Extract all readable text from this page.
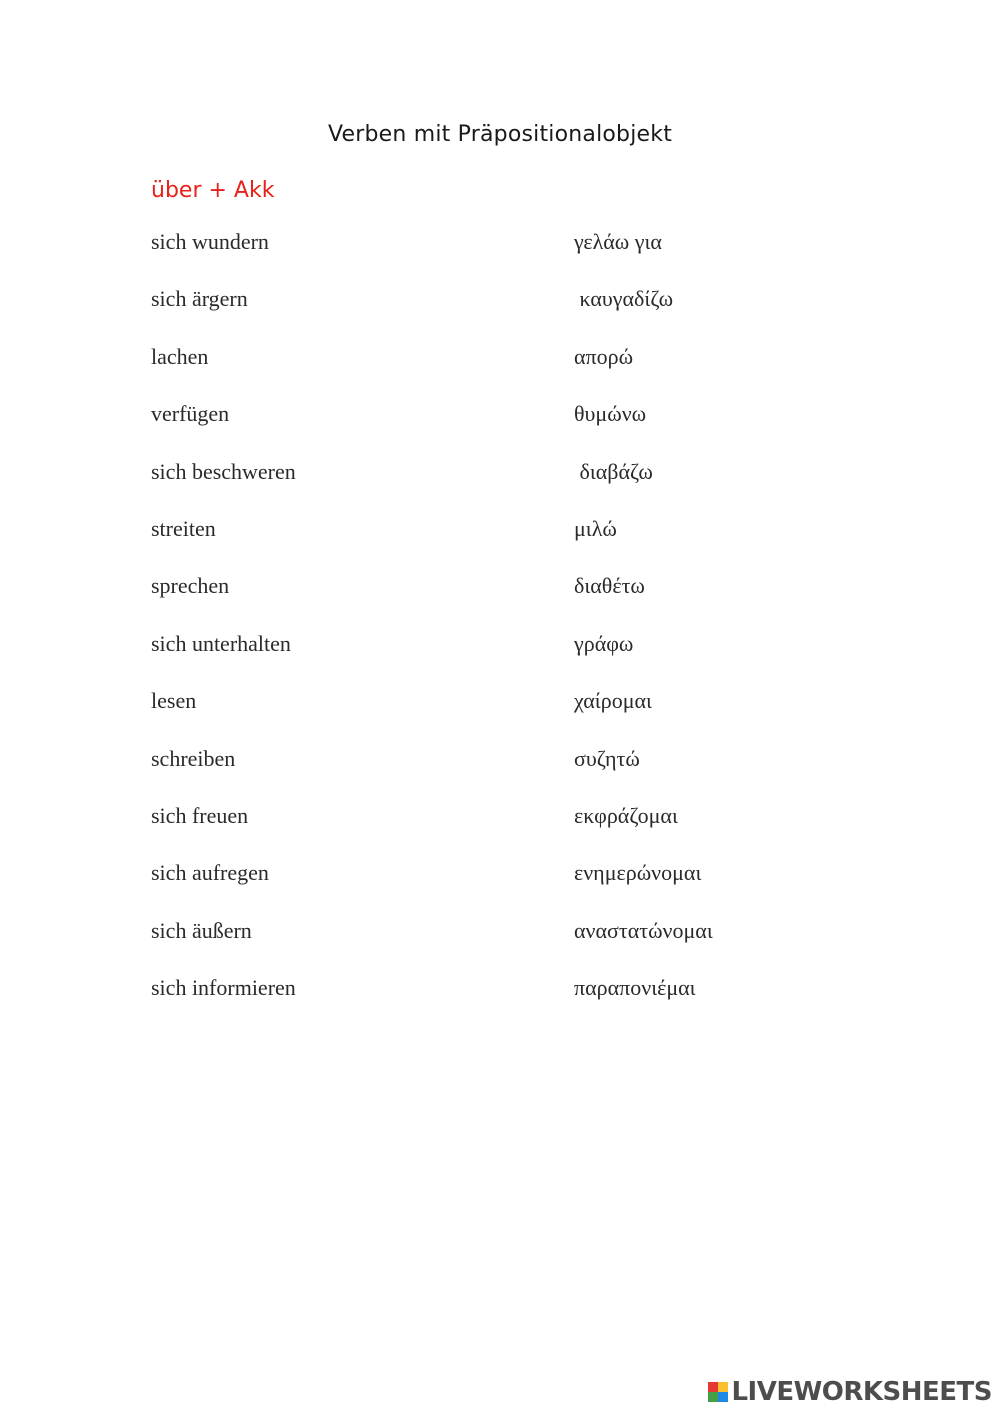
Verben mit Präpositionalobjekt
über + Akk
sich wundern	γελάω για
sich ärgern	καυγαδίζω
lachen	απορώ
verfügen	θυμώνω
sich beschweren	διαβάζω
streiten	μιλώ
sprechen	διαθέτω
sich unterhalten	γράφω
lesen	χαίρομαι
schreiben	συζητώ
sich freuen	εκφράζομαι
sich aufregen	ενημερώνομαι
sich äußern	αναστατώνομαι
sich informieren	παραπονιέμαι
LIVEWORKSHEETS
